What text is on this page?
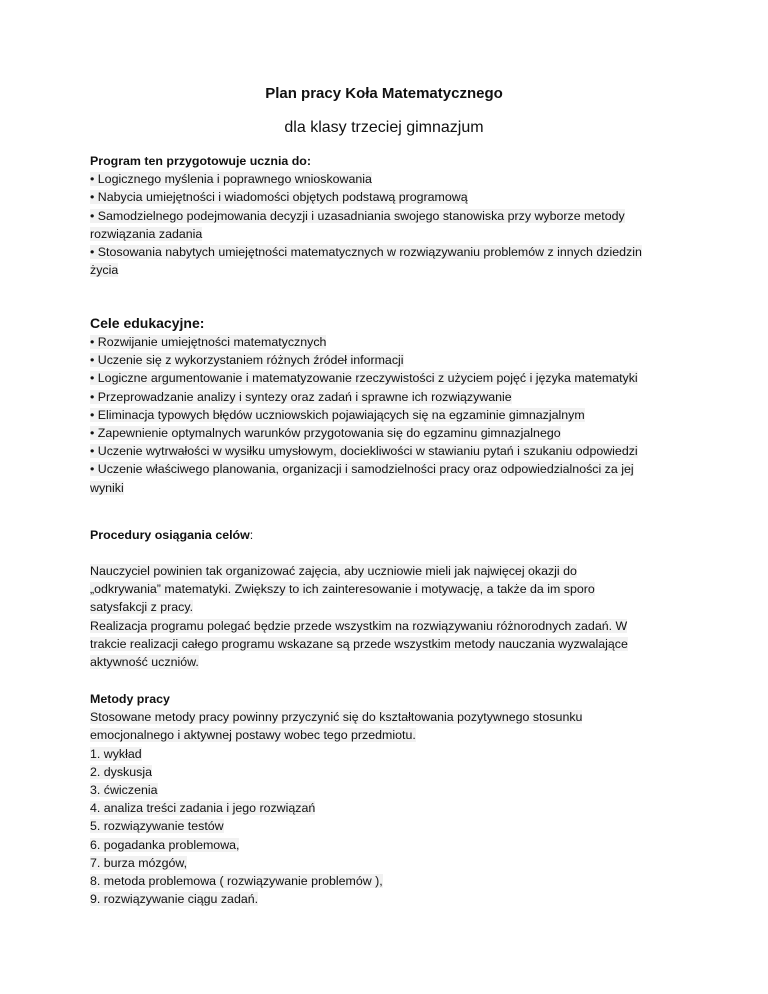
Plan pracy Koła Matematycznego
dla klasy trzeciej gimnazjum
Program ten przygotowuje ucznia do:
• Logicznego myślenia i poprawnego wnioskowania
• Nabycia umiejętności i wiadomości objętych podstawą programową
• Samodzielnego podejmowania decyzji i uzasadniania swojego stanowiska przy wyborze metody
rozwiązania zadania
• Stosowania nabytych umiejętności matematycznych w rozwiązywaniu problemów z innych dziedzin
życia
Cele edukacyjne:
• Rozwijanie umiejętności matematycznych
• Uczenie się z wykorzystaniem różnych źródeł informacji
• Logiczne argumentowanie i matematyzowanie rzeczywistości z użyciem pojęć i języka matematyki
• Przeprowadzanie analizy i syntezy oraz zadań i sprawne ich rozwiązywanie
• Eliminacja typowych błędów uczniowskich pojawiających się na egzaminie gimnazjalnym
• Zapewnienie optymalnych warunków przygotowania się do egzaminu gimnazjalnego
• Uczenie wytrwałości w wysiłku umysłowym, dociekliwości w stawianiu pytań i szukaniu odpowiedzi
• Uczenie właściwego planowania, organizacji i samodzielności pracy oraz odpowiedzialności za jej
wyniki
Procedury osiągania celów:
Nauczyciel powinien tak organizować zajęcia, aby uczniowie mieli jak najwięcej okazji do
„odkrywania” matematyki. Zwiększy to ich zainteresowanie i motywację, a także da im sporo
satysfakcji z pracy.
Realizacja programu polegać będzie przede wszystkim na rozwiązywaniu różnorodnych zadań. W
trakcie realizacji całego programu wskazane są przede wszystkim metody nauczania wyzwalające
aktywność uczniów.
Metody pracy
Stosowane metody pracy powinny przyczynić się do kształtowania pozytywnego stosunku
emocjonalnego i aktywnej postawy wobec tego przedmiotu.
1. wykład
2. dyskusja
3. ćwiczenia
4. analiza treści zadania i jego rozwiązań
5. rozwiązywanie testów
6. pogadanka problemowa,
7. burza mózgów,
8. metoda problemowa ( rozwiązywanie problemów ),
9. rozwiązywanie ciągu zadań.
